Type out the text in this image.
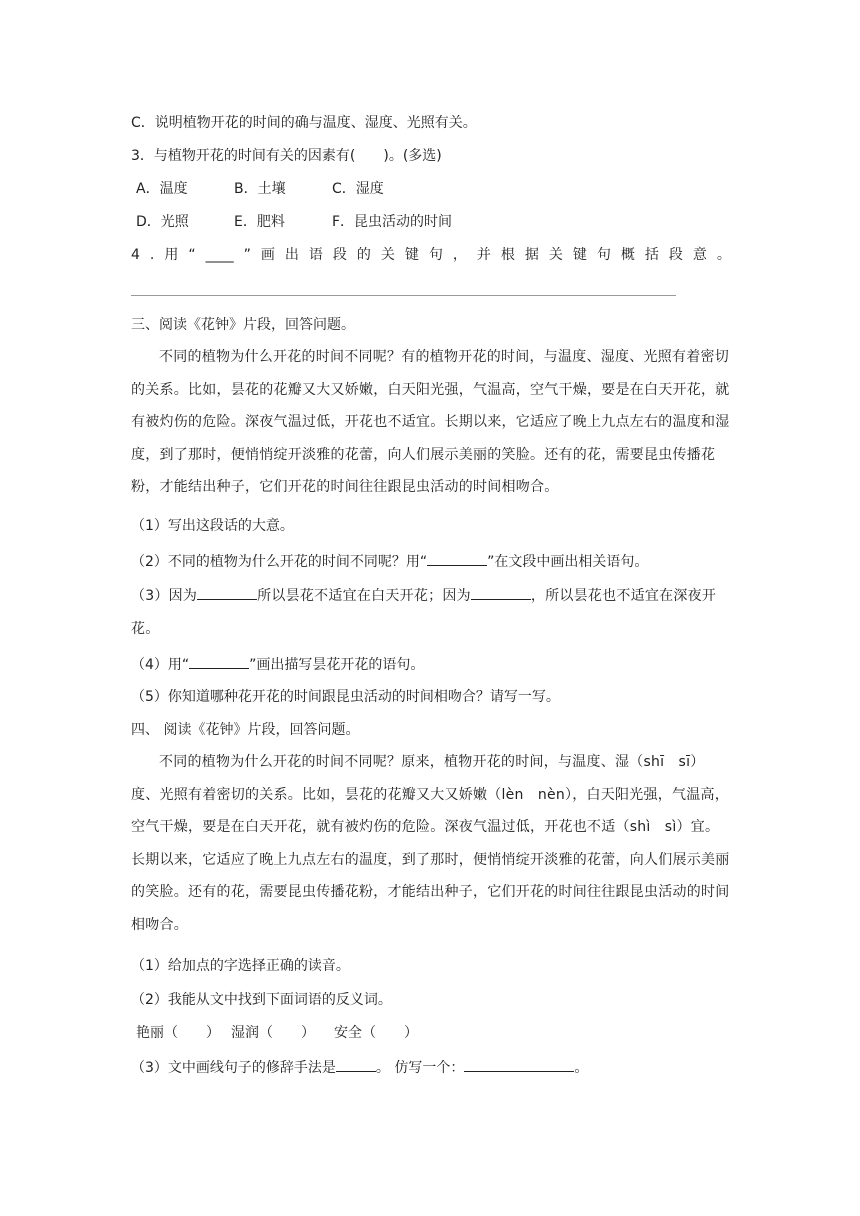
C．说明植物开花的时间的确与温度、湿度、光照有关。
3．与植物开花的时间有关的因素有(　　)。(多选)
A．温度	B．土壤	C．湿度
D．光照	E．肥料	F．昆虫活动的时间
4 . 用 “ ____ ” 画 出 语 段 的 关 键 句 ， 并 根 据 关 键 句 概 括 段 意 。
三、阅读《花钟》片段，回答问题。
不同的植物为什么开花的时间不同呢？有的植物开花的时间，与温度、湿度、光照有着密切的关系。比如，昙花的花瓣又大又娇嫩，白天阳光强，气温高，空气干燥，要是在白天开花，就有被灼伤的危险。深夜气温过低，开花也不适宜。长期以来，它适应了晚上九点左右的温度和湿度，到了那时，便悄悄绽开淡雅的花蕾，向人们展示美丽的笑脸。还有的花，需要昆虫传播花粉，才能结出种子，它们开花的时间往往跟昆虫活动的时间相吻合。
（1）写出这段话的大意。
（2）不同的植物为什么开花的时间不同呢？用“	”在文段中画出相关语句。
（3）因为	所以昙花不适宜在白天开花；因为	，所以昙花也不适宜在深夜开花。
（4）用“	”画出描写昙花开花的语句。
（5）你知道哪种花开花的时间跟昆虫活动的时间相吻合？请写一写。
四、 阅读《花钟》片段，回答问题。
不同的植物为什么开花的时间不同呢？原来，植物开花的时间，与温度、湿（shī　sī）度、光照有着密切的关系。比如，昙花的花瓣又大又娇嫩（lèn　nèn），白天阳光强，气温高，空气干燥，要是在白天开花，就有被灼伤的危险。深夜气温过低，开花也不适（shì　sì）宜。长期以来，它适应了晚上九点左右的温度，到了那时，便悄悄绽开淡雅的花蕾，向人们展示美丽的笑脸。还有的花，需要昆虫传播花粉，才能结出种子，它们开花的时间往往跟昆虫活动的时间相吻合。
（1）给加点的字选择正确的读音。
（2）我能从文中找到下面词语的反义词。
艳丽（　　） 湿润（　　） 安全（　　）
（3）文中画线句子的修辞手法是	。 仿写一个：	。
